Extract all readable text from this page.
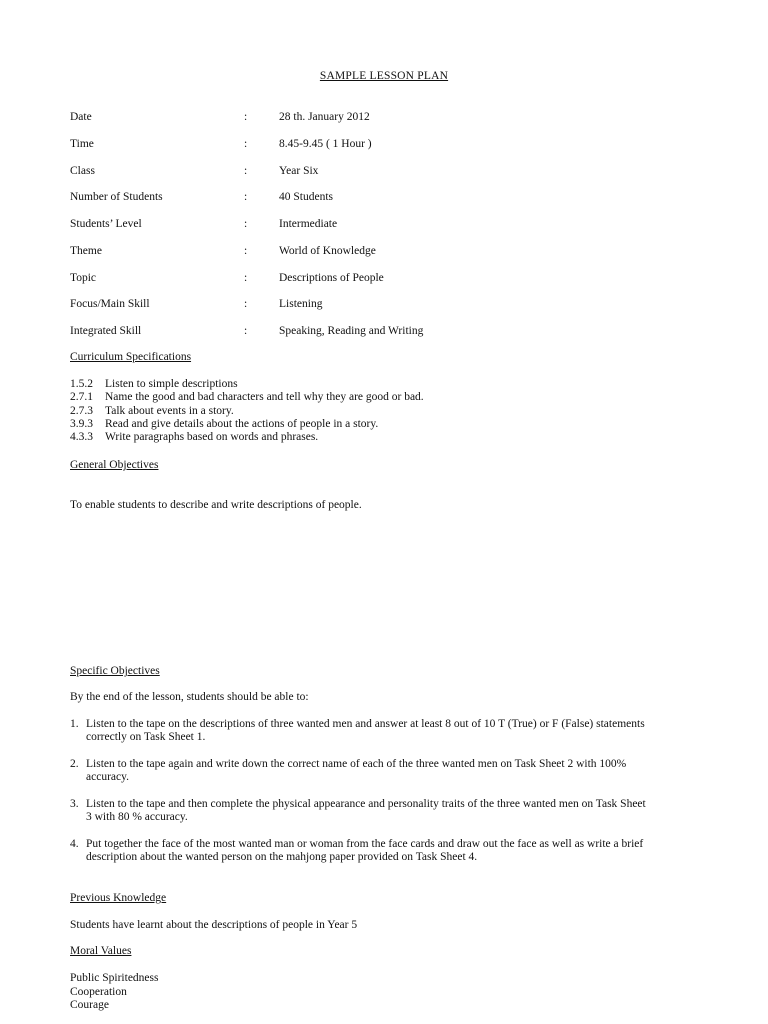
SAMPLE LESSON PLAN
Date	:	28 th. January 2012
Time	:	8.45-9.45 ( 1 Hour )
Class	:	Year Six
Number of Students	:	40 Students
Students’ Level	:	Intermediate
Theme	:	World of Knowledge
Topic	:	Descriptions of People
Focus/Main Skill	:	Listening
Integrated Skill	:	Speaking, Reading and Writing
Curriculum Specifications
1.5.2 Listen to simple descriptions
2.7.1 Name the good and bad characters and tell why they are good or bad.
2.7.3 Talk about events in a story.
3.9.3 Read and give details about the actions of people in a story.
4.3.3 Write paragraphs based on words and phrases.
General Objectives
To enable students to describe and write descriptions of people.
Specific Objectives
By the end of the lesson, students should be able to:
1. Listen to the tape on the descriptions of three wanted men and answer at least 8 out of 10 T (True) or F (False) statements
correctly on Task Sheet 1.
2. Listen to the tape again and write down the correct name of each of the three wanted men on Task Sheet 2 with 100%
accuracy.
3. Listen to the tape and then complete the physical appearance and personality traits of the three wanted men on Task Sheet
3 with 80 % accuracy.
4. Put together the face of the most wanted man or woman from the face cards and draw out the face as well as write a brief
description about the wanted person on the mahjong paper provided on Task Sheet 4.
Previous Knowledge
Students have learnt about the descriptions of people in Year 5
Moral Values
Public Spiritedness
Cooperation
Courage
